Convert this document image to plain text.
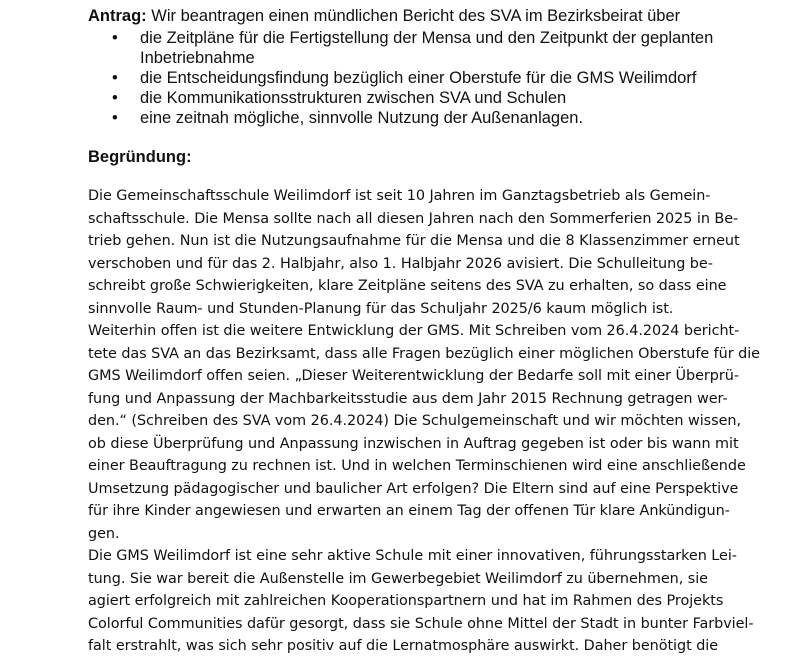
Antrag: Wir beantragen einen mündlichen Bericht des SVA im Bezirksbeirat über
• die Zeitpläne für die Fertigstellung der Mensa und den Zeitpunkt der geplanten
Inbetriebnahme
• die Entscheidungsfindung bezüglich einer Oberstufe für die GMS Weilimdorf
• die Kommunikationsstrukturen zwischen SVA und Schulen
• eine zeitnah mögliche, sinnvolle Nutzung der Außenanlagen.
Begründung:
Die Gemeinschaftsschule Weilimdorf ist seit 10 Jahren im Ganztagsbetrieb als Gemein-
schaftsschule. Die Mensa sollte nach all diesen Jahren nach den Sommerferien 2025 in Be-
trieb gehen. Nun ist die Nutzungsaufnahme für die Mensa und die 8 Klassenzimmer erneut
verschoben und für das 2. Halbjahr, also 1. Halbjahr 2026 avisiert. Die Schulleitung be-
schreibt große Schwierigkeiten, klare Zeitpläne seitens des SVA zu erhalten, so dass eine
sinnvolle Raum- und Stunden-Planung für das Schuljahr 2025/6 kaum möglich ist.
Weiterhin offen ist die weitere Entwicklung der GMS. Mit Schreiben vom 26.4.2024 bericht-
tete das SVA an das Bezirksamt, dass alle Fragen bezüglich einer möglichen Oberstufe für die
GMS Weilimdorf offen seien. „Dieser Weiterentwicklung der Bedarfe soll mit einer Überprü-
fung und Anpassung der Machbarkeitsstudie aus dem Jahr 2015 Rechnung getragen wer-
den.“ (Schreiben des SVA vom 26.4.2024) Die Schulgemeinschaft und wir möchten wissen,
ob diese Überprüfung und Anpassung inzwischen in Auftrag gegeben ist oder bis wann mit
einer Beauftragung zu rechnen ist. Und in welchen Terminschienen wird eine anschließende
Umsetzung pädagogischer und baulicher Art erfolgen? Die Eltern sind auf eine Perspektive
für ihre Kinder angewiesen und erwarten an einem Tag der offenen Tür klare Ankündigun-
gen.
Die GMS Weilimdorf ist eine sehr aktive Schule mit einer innovativen, führungsstarken Lei-
tung. Sie war bereit die Außenstelle im Gewerbegebiet Weilimdorf zu übernehmen, sie
agiert erfolgreich mit zahlreichen Kooperationspartnern und hat im Rahmen des Projekts
Colorful Communities dafür gesorgt, dass sie Schule ohne Mittel der Stadt in bunter Farbviel-
falt erstrahlt, was sich sehr positiv auf die Lernatmosphäre auswirkt. Daher benötigt die
